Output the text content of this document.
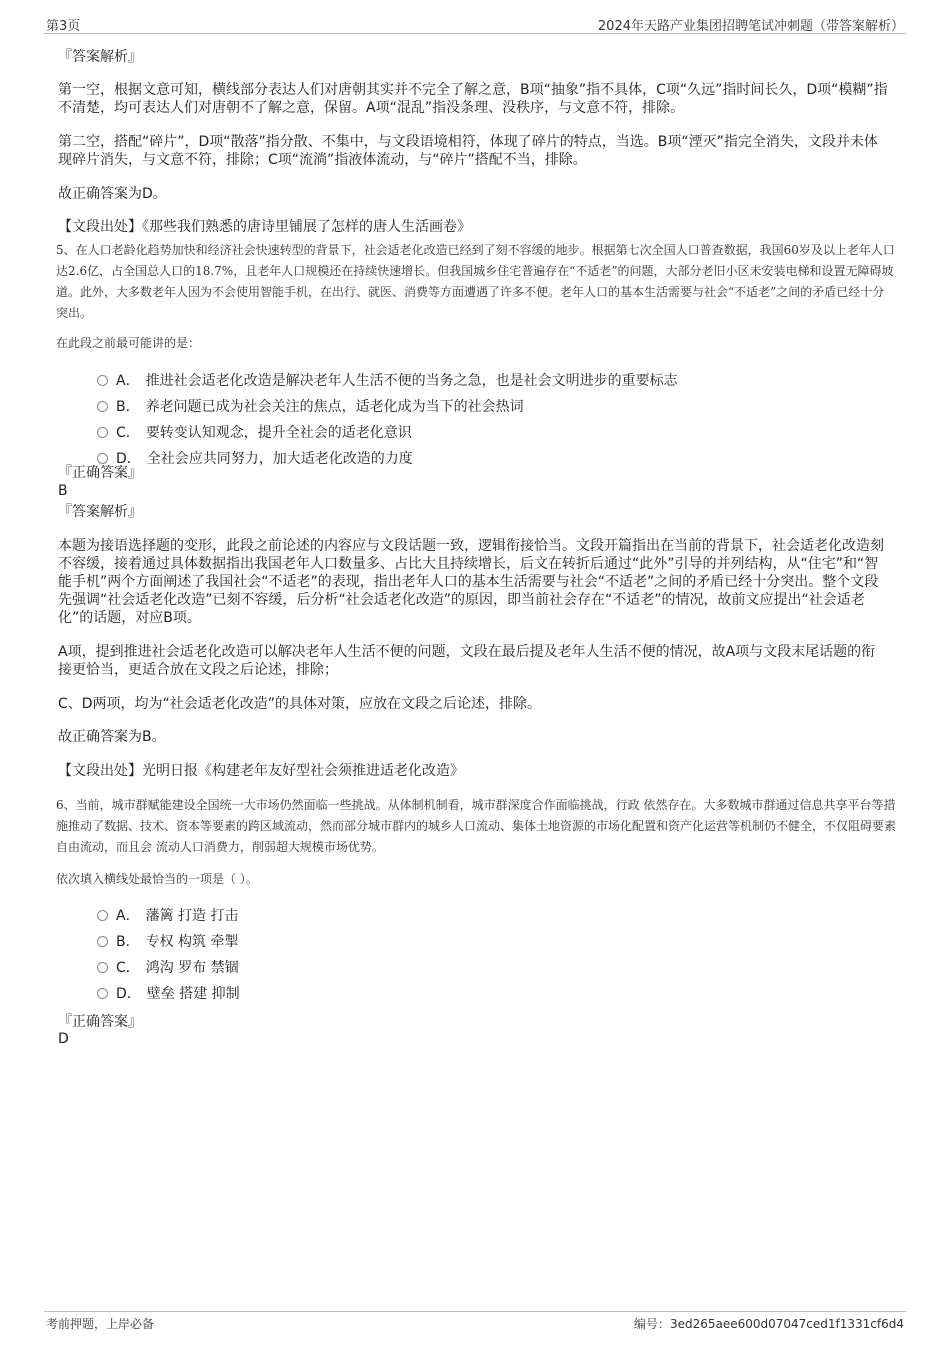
第3页	2024年天路产业集团招聘笔试冲刺题（带答案解析）

『答案解析』

第一空，根据文意可知，横线部分表达人们对唐朝其实并不完全了解之意，B项“抽象”指不具体，C项“久远”指时间长久，D项“模糊”指不清楚，均可表达人们对唐朝不了解之意，保留。A项“混乱”指没条理、没秩序，与文意不符，排除。

第二空，搭配“碎片”，D项“散落”指分散、不集中，与文段语境相符，体现了碎片的特点，当选。B项“湮灭”指完全消失，文段并未体现碎片消失，与文意不符，排除；C项“流淌”指液体流动，与“碎片”搭配不当，排除。

故正确答案为D。

【文段出处】《那些我们熟悉的唐诗里铺展了怎样的唐人生活画卷》

5、在人口老龄化趋势加快和经济社会快速转型的背景下，社会适老化改造已经到了刻不容缓的地步。根据第七次全国人口普查数据，我国60岁及以上老年人口达2.6亿，占全国总人口的18.7%，且老年人口规模还在持续快速增长。但我国城乡住宅普遍存在“不适老”的问题，大部分老旧小区未安装电梯和设置无障碍坡道。此外，大多数老年人因为不会使用智能手机，在出行、就医、消费等方面遭遇了许多不便。老年人口的基本生活需要与社会“不适老”之间的矛盾已经十分突出。

在此段之前最可能讲的是：

A． 推进社会适老化改造是解决老年人生活不便的当务之急，也是社会文明进步的重要标志
B． 养老问题已成为社会关注的焦点，适老化成为当下的社会热词
C． 要转变认知观念，提升全社会的适老化意识
D． 全社会应共同努力，加大适老化改造的力度

『正确答案』

B

『答案解析』

本题为接语选择题的变形，此段之前论述的内容应与文段话题一致，逻辑衔接恰当。文段开篇指出在当前的背景下，社会适老化改造刻不容缓，接着通过具体数据指出我国老年人口数量多、占比大且持续增长，后文在转折后通过“此外”引导的并列结构，从“住宅”和“智能手机”两个方面阐述了我国社会“不适老”的表现，指出老年人口的基本生活需要与社会“不适老”之间的矛盾已经十分突出。整个文段先强调“社会适老化改造”已刻不容缓，后分析“社会适老化改造”的原因，即当前社会存在“不适老”的情况，故前文应提出“社会适老化”的话题，对应B项。

A项，提到推进社会适老化改造可以解决老年人生活不便的问题，文段在最后提及老年人生活不便的情况，故A项与文段末尾话题的衔接更恰当，更适合放在文段之后论述，排除；

C、D两项，均为“社会适老化改造”的具体对策，应放在文段之后论述，排除。

故正确答案为B。

【文段出处】光明日报《构建老年友好型社会须推进适老化改造》

6、当前，城市群赋能建设全国统一大市场仍然面临一些挑战。从体制机制看，城市群深度合作面临挑战，行政 依然存在。大多数城市群通过信息共享平台等措施推动了数据、技术、资本等要素的跨区域流动，然而部分城市群内的城乡人口流动、集体土地资源的市场化配置和资产化运营等机制仍不健全，不仅阻碍要素自由流动，而且会 流动人口消费力，削弱超大规模市场优势。

依次填入横线处最恰当的一项是（ ）。

A． 藩篱 打造 打击
B． 专权 构筑 牵掣
C． 鸿沟 罗布 禁锢
D． 壁垒 搭建 抑制

『正确答案』

D

考前押题，上岸必备	编号：3ed265aee600d07047ced1f1331cf6d4
